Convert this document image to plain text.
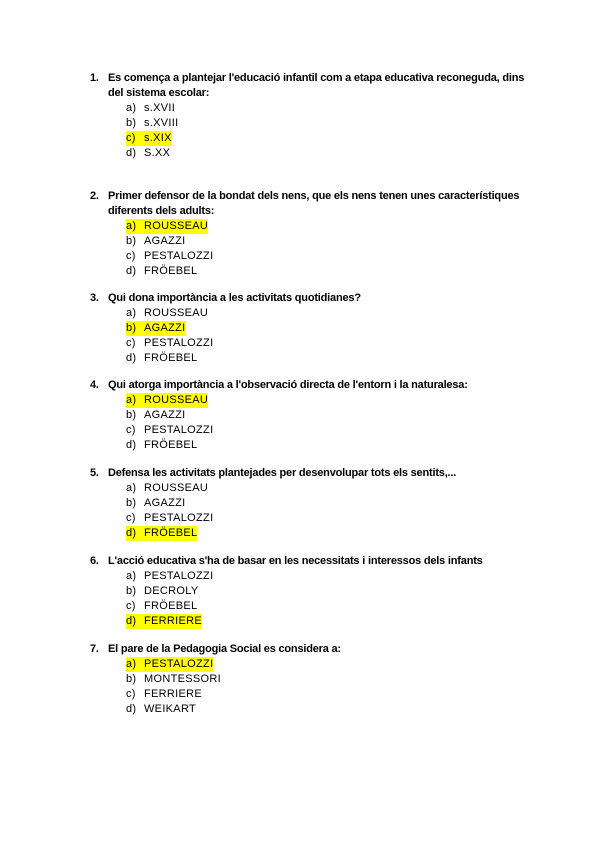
1. Es comença a plantejar l'educació infantil com a etapa educativa reconeguda, dins del sistema escolar:
a) s.XVII
b) s.XVIII
c) s.XIX
d) S.XX
2. Primer defensor de la bondat dels nens, que els nens tenen unes característiques diferents dels adults:
a) ROUSSEAU
b) AGAZZI
c) PESTALOZZI
d) FRÖEBEL
3. Qui dona importància a les activitats quotidianes?
a) ROUSSEAU
b) AGAZZI
c) PESTALOZZI
d) FRÖEBEL
4. Qui atorga importància a l'observació directa de l'entorn i la naturalesa:
a) ROUSSEAU
b) AGAZZI
c) PESTALOZZI
d) FRÖEBEL
5. Defensa les activitats plantejades per desenvolupar tots els sentits,...
a) ROUSSEAU
b) AGAZZI
c) PESTALOZZI
d) FRÖEBEL
6. L'acció educativa s'ha de basar en les necessitats i interessos dels infants
a) PESTALOZZI
b) DECROLY
c) FRÖEBEL
d) FERRIERE
7. El pare de la Pedagogia Social es considera a:
a) PESTALOZZI
b) MONTESSORI
c) FERRIERE
d) WEIKART
